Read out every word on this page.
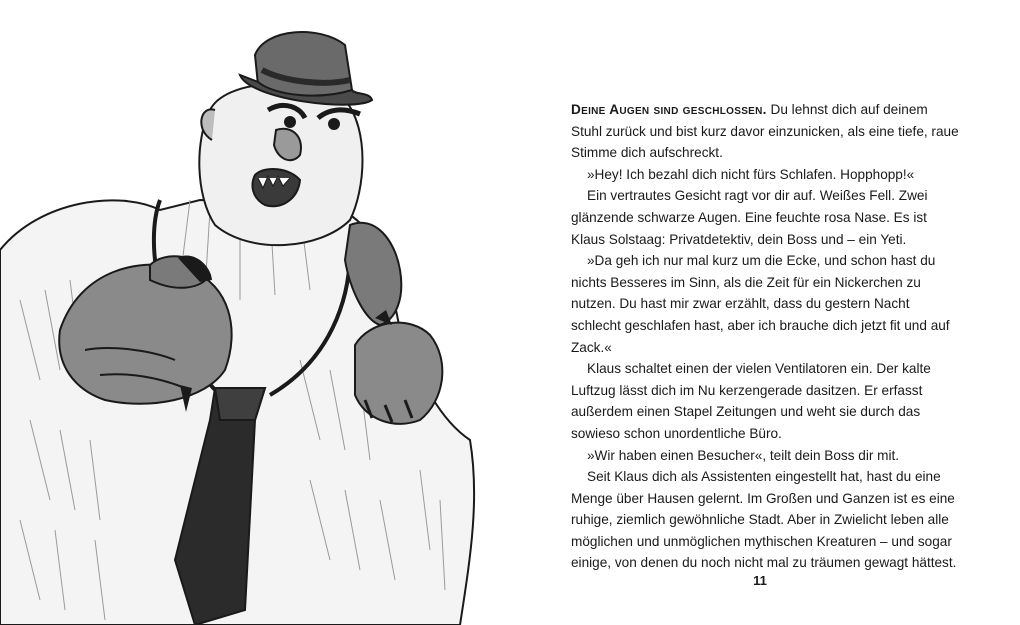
Deine Augen sind geschlossen. Du lehnst dich auf deinem Stuhl zurück und bist kurz davor einzunicken, als eine tiefe, raue Stimme dich aufschreckt.

»Hey! Ich bezahl dich nicht fürs Schlafen. Hopphopp!«

Ein vertrautes Gesicht ragt vor dir auf. Weißes Fell. Zwei glänzende schwarze Augen. Eine feuchte rosa Nase. Es ist Klaus Solstaag: Privatdetektiv, dein Boss und – ein Yeti.

»Da geh ich nur mal kurz um die Ecke, und schon hast du nichts Besseres im Sinn, als die Zeit für ein Nickerchen zu nutzen. Du hast mir zwar erzählt, dass du gestern Nacht schlecht geschlafen hast, aber ich brauche dich jetzt fit und auf Zack.«

Klaus schaltet einen der vielen Ventilatoren ein. Der kalte Luftzug lässt dich im Nu kerzengerade dasitzen. Er erfasst außerdem einen Stapel Zeitungen und weht sie durch das sowieso schon unordentliche Büro.

»Wir haben einen Besucher«, teilt dein Boss dir mit.

Seit Klaus dich als Assistenten eingestellt hat, hast du eine Menge über Hausen gelernt. Im Großen und Ganzen ist es eine ruhige, ziemlich gewöhnliche Stadt. Aber in Zwielicht leben alle möglichen und unmöglichen mythischen Kreaturen – und sogar einige, von denen du noch nicht mal zu träumen gewagt hättest.

11
